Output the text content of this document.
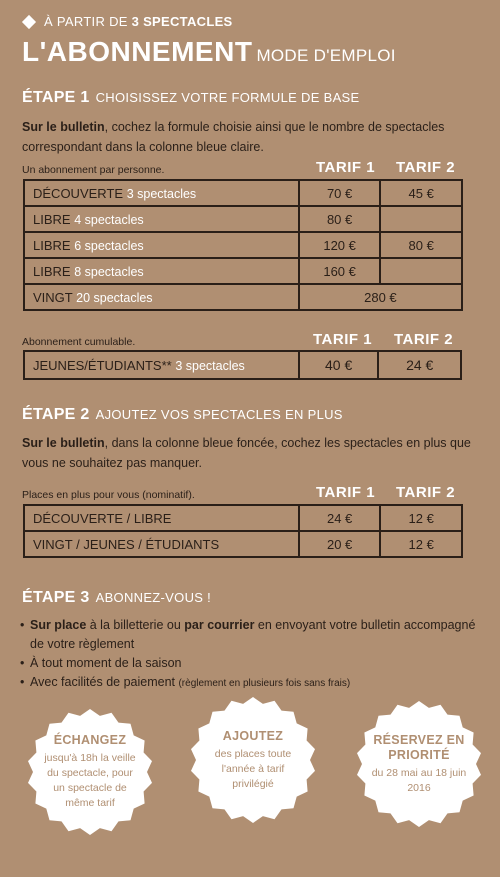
À PARTIR DE 3 SPECTACLES
L'ABONNEMENT MODE D'EMPLOI
ÉTAPE 1 CHOISISSEZ VOTRE FORMULE DE BASE
Sur le bulletin, cochez la formule choisie ainsi que le nombre de spectacles correspondant dans la colonne bleue claire.
Un abonnement par personne.	TARIF 1 TARIF 2
DÉCOUVERTE 3 spectacles	70 €	45 €
LIBRE 4 spectacles	80 €	
LIBRE 6 spectacles	120 €	80 €
LIBRE 8 spectacles	160 €	
VINGT 20 spectacles	280 €	
Abonnement cumulable.	TARIF 1 TARIF 2
JEUNES/ÉTUDIANTS** 3 spectacles	40 €	24 €
ÉTAPE 2 AJOUTEZ VOS SPECTACLES EN PLUS
Sur le bulletin, dans la colonne bleue foncée, cochez les spectacles en plus que vous ne souhaitez pas manquer.
Places en plus pour vous (nominatif).	TARIF 1 TARIF 2
DÉCOUVERTE / LIBRE	24 €	12 €
VINGT / JEUNES / ÉTUDIANTS	20 €	12 €
ÉTAPE 3 ABONNEZ-VOUS !
• Sur place à la billetterie ou par courrier en envoyant votre bulletin accompagné de votre règlement
• À tout moment de la saison
• Avec facilités de paiement (règlement en plusieurs fois sans frais)
ÉCHANGEZ
jusqu'à 18h la veille du spectacle, pour un spectacle de même tarif
AJOUTEZ
des places toute l'année à tarif privilégié
RÉSERVEZ EN PRIORITÉ
du 28 mai au 18 juin 2016
